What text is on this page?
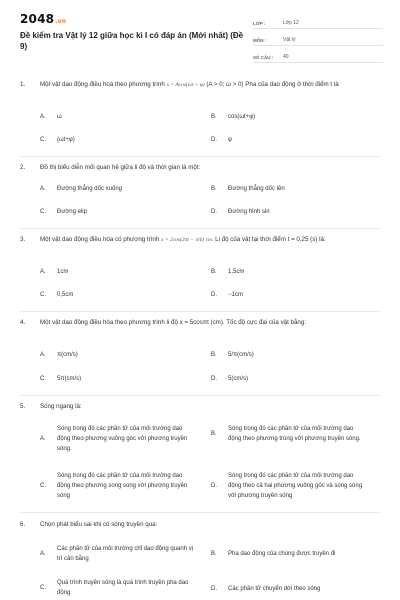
2048.vn
Đề kiểm tra Vật lý 12 giữa học kì I có đáp án (Mới nhất) (Đề 9)
LỚP :	Lớp 12
MÔN :	Vật lý
SỐ CÂU :	40
1.	Một vật dao động điều hoà theo phương trình x = Acos(ωt + φ) (A > 0; ω > 0) Pha của dao động ở thời điểm t là
A.	ω	B.	cos(ωt+φ)
C.	(ωt+φ)	D.	φ
2.	Đồ thị biểu diễn mối quan hệ giữa li độ và thời gian là một:
A.	Đường thẳng dốc xuống	B.	Đường thẳng dốc lên
C.	Đường elip	D.	Đường hình sin
3.	Một vật dao động điều hòa có phương trình x = 2cos(2πt − π/6) cm. Li độ của vật tại thời điểm t = 0,25 (s) là:
A.	1cm	B.	1,5cm
C.	0,5cm	D.	−1cm
4.	Một vật dao động điều hòa theo phương trình li độ x = 5cosπt (cm). Tốc độ cực đại của vật bằng:
A.	π(cm/s)	B.	5/π(cm/s)
C.	5π(cm/s)	D.	5(cm/s)
5.	Sóng ngang là:
A.
Sóng trong đó các phần tử của môi trường dao động theo phương vuông góc với phương truyền sóng.
B.
Sóng trong đó các phần tử của môi trường dao động theo phương trùng với phương truyền sóng.
C.
Sóng trong đó các phần tử của môi trường dao động theo phương song song với phương truyền sóng
D.
Sóng trong đó các phần tử của môi trường dao động theo cả hai phương vuông góc và song song với phương truyền sóng
6.	Chọn phát biểu sai khi có sóng truyền qua:
A.
Các phần tử của môi trường chỉ dao động quanh vị trí cân bằng
B.	Pha dao động của chúng được truyền đi
C.
Quá trình truyền sóng là quá trình truyền pha dao động
D.	Các phần tử chuyển dời theo sóng
